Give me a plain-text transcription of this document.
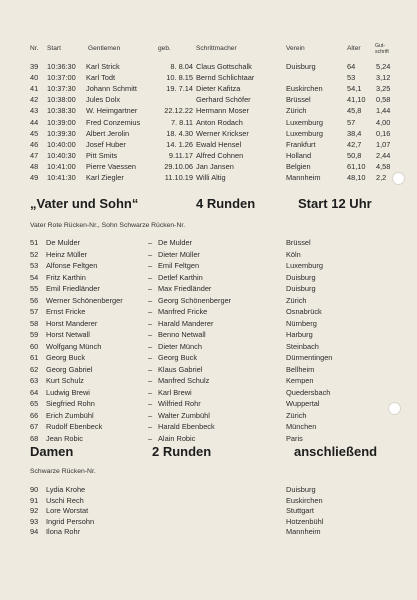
Nr. Start	Gentlemen	geb.	Schrittmacher	Verein	Alter	Gut-
schrift
39 10:36:30 Karl Strick	8. 8.04 Claus Gottschalk	Duisburg	64	5,24
40 10:37:00 Karl Todt	10. 8.15 Bernd Schlichtaar	53	3,12
41 10:37:30 Johann Schmitt	19. 7.14 Dieter Kafitza	Euskirchen	54,1 3,25
42 10:38:00 Jules Dolx	Gerhard Schöfer	Brüssel	41,10 0,58
43 10:38:30 W. Heimgartner	22.12.22 Hermann Moser	Zürich	45,8 1,44
44 10:39:00 Fred Conzemius	7. 8.11 Anton Rodach	Luxemburg	57	4,00
45 10:39:30 Albert Jerolin	18. 4.30 Werner Krickser	Luxemburg	38,4 0,16
46 10:40:00 Josef Huber	14. 1.26 Ewald Hensel	Frankfurt	42,7 1,07
47 10:40:30 Pitt Smits	9.11.17 Alfred Cohnen	Holland	50,8 2,44
48 10:41:00 Pierre Vaessen	29.10.06 Jan Jansen	Belgien	61,10 4,58
49 10:41:30 Karl Ziegler	11.10.19 Willi Altig	Mannheim	48,10 2,2
„Vater und Sohn“	4 Runden	Start 12 Uhr
Vater Rote Rücken-Nr., Sohn Schwarze Rücken-Nr.
51 De Mulder	– De Mulder	Brüssel
52 Heinz Müller	– Dieter Müller	Köln
53 Alfonse Feltgen	– Emil Feltgen	Luxemburg
54 Fritz Karthin	– Detlef Karthin	Duisburg
55 Emil Friedländer	– Max Friedländer	Duisburg
56 Werner Schönenberger	– Georg Schönenberger	Zürich
57 Ernst Fricke	– Manfred Fricke	Osnabrück
58 Horst Manderer	– Harald Manderer	Nürnberg
59 Horst Netwall	– Benno Netwall	Harburg
60 Wolfgang Münch	– Dieter Münch	Steinbach
61 Georg Buck	– Georg Buck	Dürmentingen
62 Georg Gabriel	– Klaus Gabriel	Bellheim
63 Kurt Schulz	– Manfred Schulz	Kempen
64 Ludwig Brewi	– Karl Brewi	Quedersbach
65 Siegfried Rohn	– Wilfried Rohr	Wuppertal
66 Erich Zumbühl	– Walter Zumbühl	Zürich
67 Rudolf Ebenbeck	– Harald Ebenbeck	München
68 Jean Robic	– Alain Robic	Paris
Damen	2 Runden	anschließend
Schwarze Rücken-Nr.
90 Lydia Krohe	Duisburg
91 Uschi Rech	Euskirchen
92 Lore Worstat	Stuttgart
93 Ingrid Persohn	Hotzenbühl
94 Ilona Rohr	Mannheim
